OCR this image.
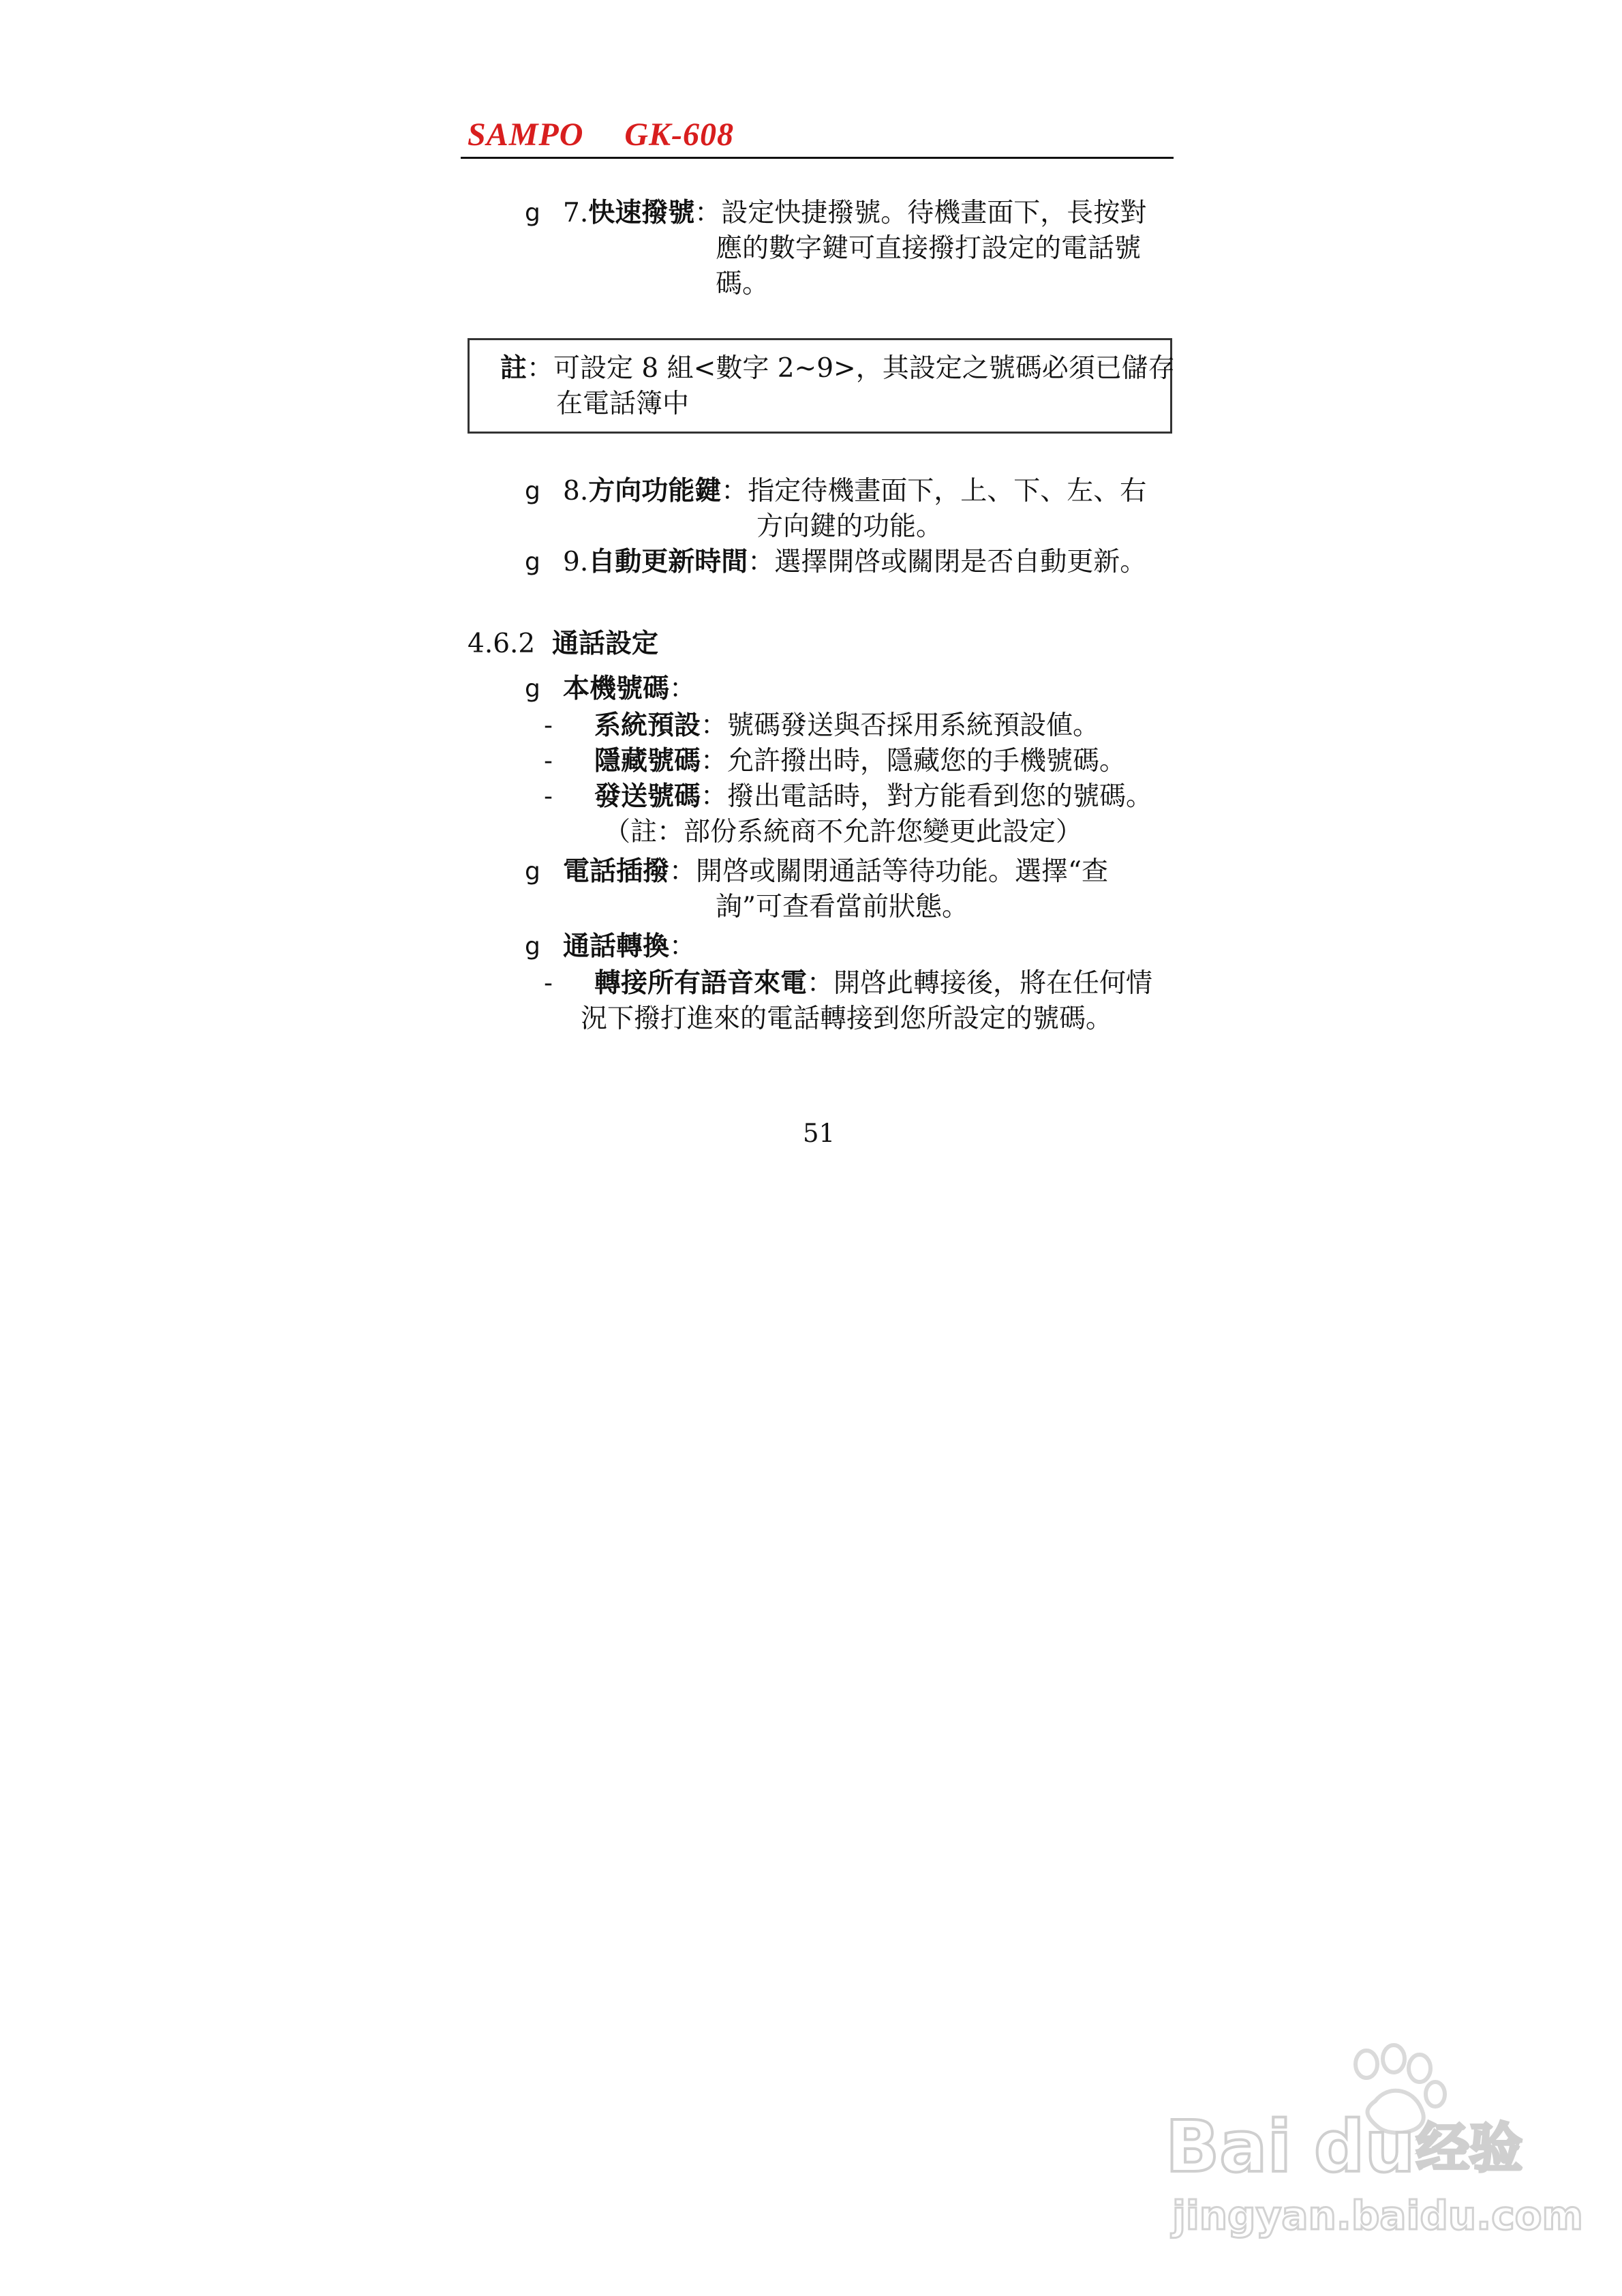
SAMPO GK-608
g 7.快速撥號：設定快捷撥號。待機畫面下，長按對
應的數字鍵可直接撥打設定的電話號
碼。
註：可設定 8 組<數字 2~9>，其設定之號碼必須已儲存
在電話簿中
g 8.方向功能鍵：指定待機畫面下，上、下、左、右
方向鍵的功能。
g 9.自動更新時間：選擇開啓或關閉是否自動更新。
4.6.2 通話設定
g 本機號碼：
- 系統預設：號碼發送與否採用系統預設値。
- 隱藏號碼：允許撥出時，隱藏您的手機號碼。
- 發送號碼：撥出電話時，對方能看到您的號碼。
（註：部份系統商不允許您變更此設定）
g 電話插撥：開啓或關閉通話等待功能。選擇“查
詢”可查看當前狀態。
g 通話轉換：
- 轉接所有語音來電：開啓此轉接後，將在任何情
況下撥打進來的電話轉接到您所設定的號碼。
51
Bai du 经验
jingyan.baidu.com
